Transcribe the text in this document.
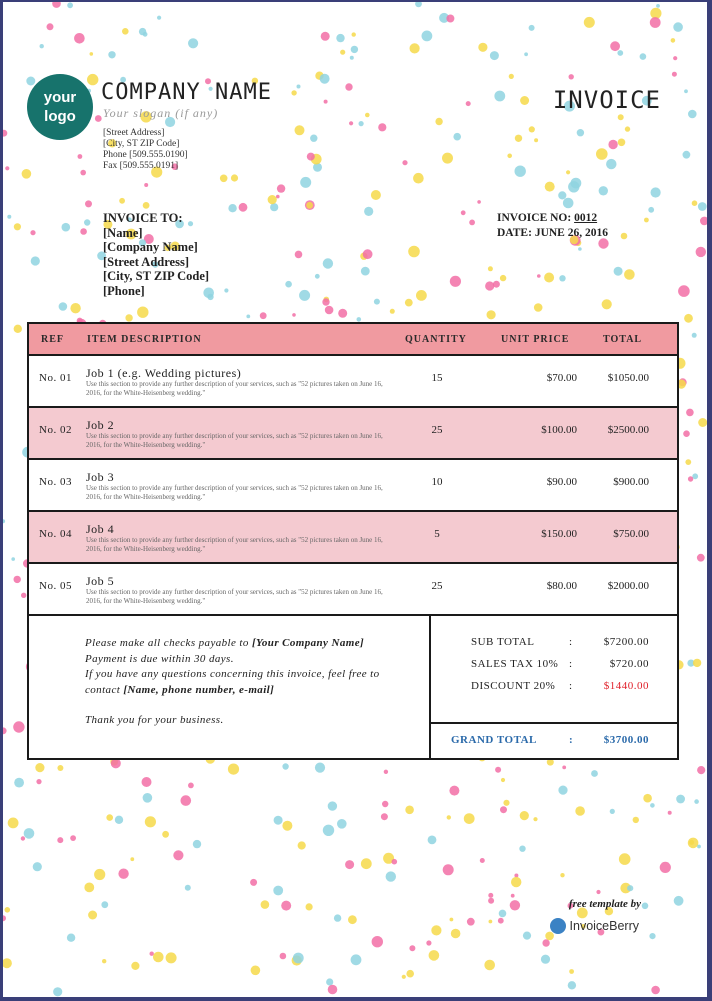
your
logo
COMPANY NAME
Your slogan (if any)
[Street Address]
[City, ST ZIP Code]
Phone [509.555.0190]
Fax [509.555.0191]
INVOICE
INVOICE TO:
[Name]
[Company Name]
[Street Address]
[City, ST ZIP Code]
[Phone]
INVOICE NO: 0012
DATE: JUNE 26, 2016
REF ITEM DESCRIPTION	QUANTITY	UNIT PRICE	TOTAL
No. 01 Job 1 (e.g. Wedding pictures)
Use this section to provide any further description of your services, such as "52 pictures taken on June 16, 2016, for the White-Heisenberg wedding."
15	$70.00	$1050.00
No. 02 Job 2
Use this section to provide any further description of your services, such as "52 pictures taken on June 16, 2016, for the White-Heisenberg wedding."
25	$100.00	$2500.00
No. 03 Job 3
Use this section to provide any further description of your services, such as "52 pictures taken on June 16, 2016, for the White-Heisenberg wedding."
10	$90.00	$900.00
No. 04 Job 4
Use this section to provide any further description of your services, such as "52 pictures taken on June 16, 2016, for the White-Heisenberg wedding."
5	$150.00	$750.00
No. 05 Job 5
Use this section to provide any further description of your services, such as "52 pictures taken on June 16, 2016, for the White-Heisenberg wedding."
25	$80.00	$2000.00

Please make all checks payable to [Your Company Name]

Payment is due within 30 days.

If you have any questions concerning this invoice, feel free to

contact [Name, phone number, e-mail]

Thank you for your business.

SUB TOTAL	:	$7200.00
SALES TAX 10% :	$720.00
DISCOUNT 20% :	$1440.00
GRAND TOTAL	:	$3700.00
free template by
InvoiceBerry
